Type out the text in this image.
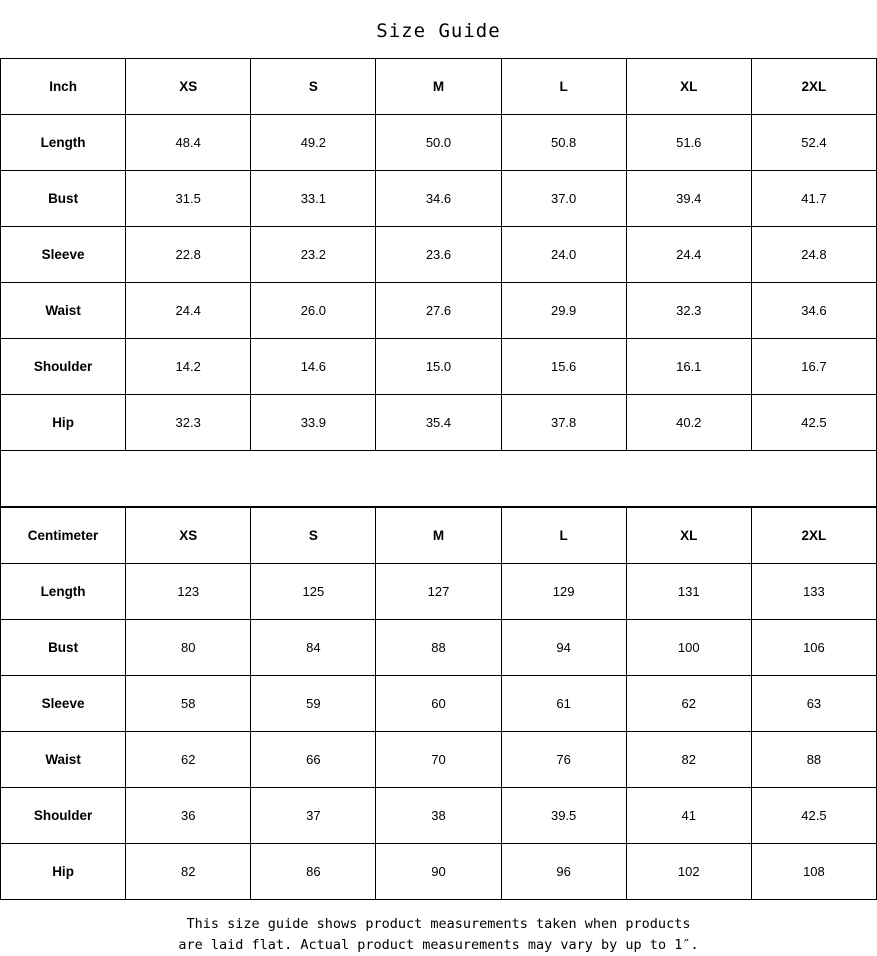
Size Guide
Inch	XS	S	M	L	XL	2XL
Length	48.4	49.2	50.0	50.8	51.6	52.4
Bust	31.5	33.1	34.6	37.0	39.4	41.7
Sleeve	22.8	23.2	23.6	24.0	24.4	24.8
Waist	24.4	26.0	27.6	29.9	32.3	34.6
Shoulder	14.2	14.6	15.0	15.6	16.1	16.7
Hip	32.3	33.9	35.4	37.8	40.2	42.5
Centimeter	XS	S	M	L	XL	2XL
Length	123	125	127	129	131	133
Bust	80	84	88	94	100	106
Sleeve	58	59	60	61	62	63
Waist	62	66	70	76	82	88
Shoulder	36	37	38	39.5	41	42.5
Hip	82	86	90	96	102	108
This size guide shows product measurements taken when products
are laid flat. Actual product measurements may vary by up to 1″.
